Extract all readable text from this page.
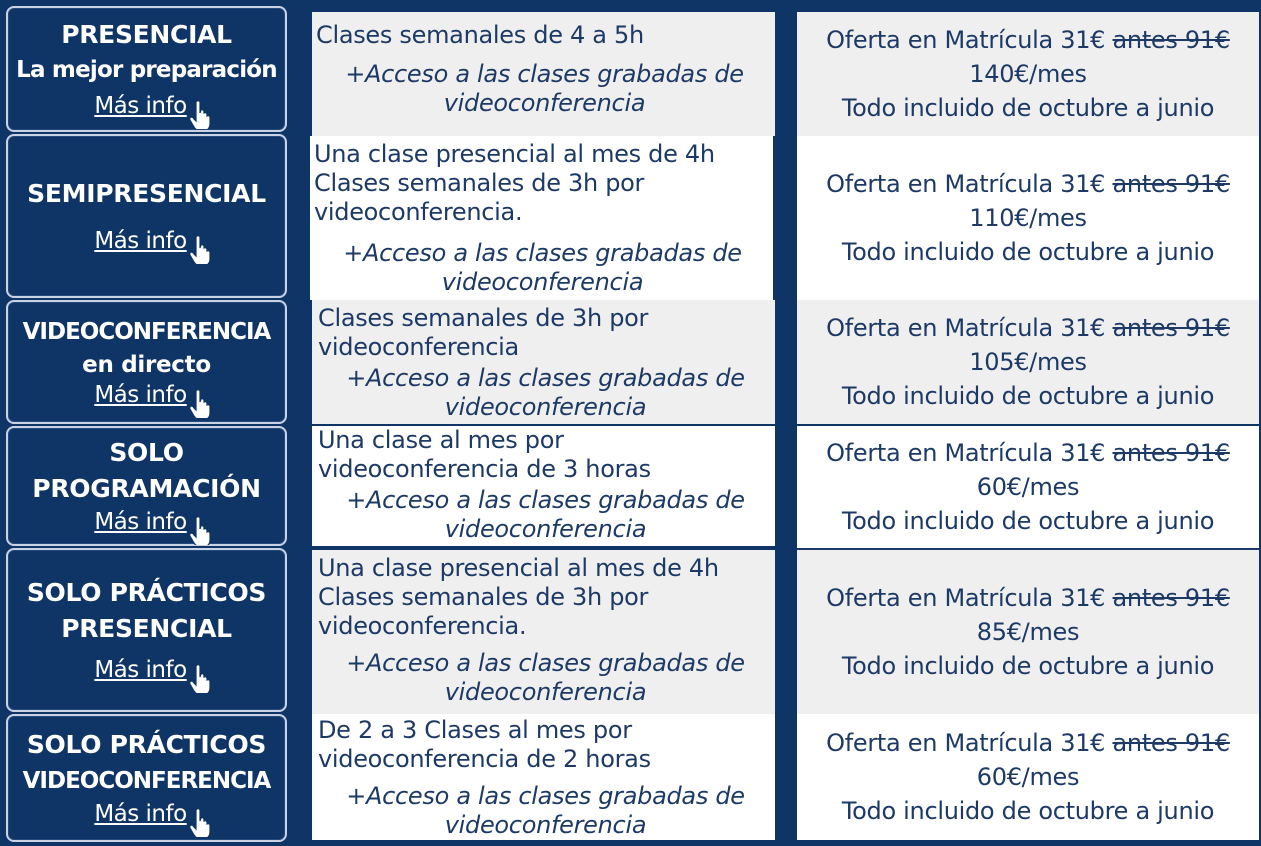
PRESENCIAL
La mejor preparación
Más info
Clases semanales de 4 a 5h
+Acceso a las clases grabadas de videoconferencia
Oferta en Matrícula 31€ antes 91€
140€/mes
Todo incluido de octubre a junio
SEMIPRESENCIAL
Más info
Una clase presencial al mes de 4h
Clases semanales de 3h por
videoconferencia.
+Acceso a las clases grabadas de videoconferencia
Oferta en Matrícula 31€ antes 91€
110€/mes
Todo incluido de octubre a junio
VIDEOCONFERENCIA
en directo
Más info
Clases semanales de 3h por
videoconferencia
+Acceso a las clases grabadas de videoconferencia
Oferta en Matrícula 31€ antes 91€
105€/mes
Todo incluido de octubre a junio
SOLO
PROGRAMACIÓN
Más info
Una clase al mes por
videoconferencia de 3 horas
+Acceso a las clases grabadas de videoconferencia
Oferta en Matrícula 31€ antes 91€
60€/mes
Todo incluido de octubre a junio
SOLO PRÁCTICOS
PRESENCIAL
Más info
Una clase presencial al mes de 4h
Clases semanales de 3h por
videoconferencia.
+Acceso a las clases grabadas de videoconferencia
Oferta en Matrícula 31€ antes 91€
85€/mes
Todo incluido de octubre a junio
SOLO PRÁCTICOS
VIDEOCONFERENCIA
Más info
De 2 a 3 Clases al mes por
videoconferencia de 2 horas
+Acceso a las clases grabadas de videoconferencia
Oferta en Matrícula 31€ antes 91€
60€/mes
Todo incluido de octubre a junio
